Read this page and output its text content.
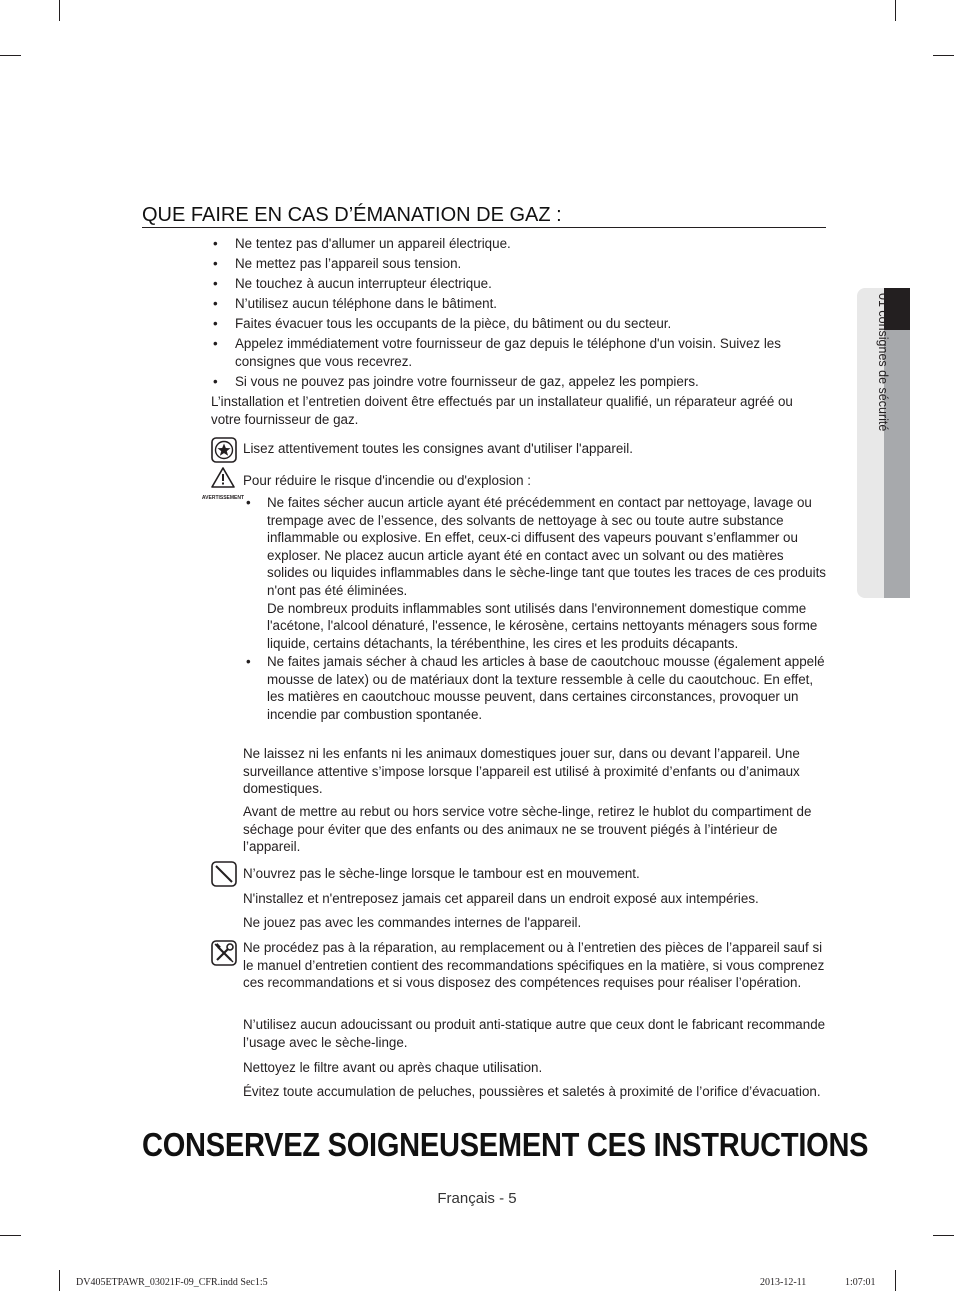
01 consignes de sécurité
QUE FAIRE EN CAS D’ÉMANATION DE GAZ :
• Ne tentez pas d'allumer un appareil électrique.
• Ne mettez pas l’appareil sous tension.
• Ne touchez à aucun interrupteur électrique.
• N’utilisez aucun téléphone dans le bâtiment.
• Faites évacuer tous les occupants de la pièce, du bâtiment ou du secteur.
• Appelez immédiatement votre fournisseur de gaz depuis le téléphone d'un voisin. Suivez les consignes que vous recevrez.
• Si vous ne pouvez pas joindre votre fournisseur de gaz, appelez les pompiers.
L’installation et l’entretien doivent être effectués par un installateur qualifié, un réparateur agréé ou votre fournisseur de gaz.
Lisez attentivement toutes les consignes avant d'utiliser l'appareil.
AVERTISSEMENT
Pour réduire le risque d'incendie ou d'explosion :
• Ne faites sécher aucun article ayant été précédemment en contact par nettoyage, lavage ou trempage avec de l’essence, des solvants de nettoyage à sec ou toute autre substance inflammable ou explosive. En effet, ceux-ci diffusent des vapeurs pouvant s’enflammer ou exploser. Ne placez aucun article ayant été en contact avec un solvant ou des matières solides ou liquides inflammables dans le sèche-linge tant que toutes les traces de ces produits n'ont pas été éliminées.
De nombreux produits inflammables sont utilisés dans l'environnement domestique comme l'acétone, l'alcool dénaturé, l'essence, le kérosène, certains nettoyants ménagers sous forme liquide, certains détachants, la térébenthine, les cires et les produits décapants.
• Ne faites jamais sécher à chaud les articles à base de caoutchouc mousse (également appelé mousse de latex) ou de matériaux dont la texture ressemble à celle du caoutchouc. En effet, les matières en caoutchouc mousse peuvent, dans certaines circonstances, provoquer un incendie par combustion spontanée.
Ne laissez ni les enfants ni les animaux domestiques jouer sur, dans ou devant l’appareil. Une surveillance attentive s’impose lorsque l’appareil est utilisé à proximité d’enfants ou d’animaux domestiques.
Avant de mettre au rebut ou hors service votre sèche-linge, retirez le hublot du compartiment de séchage pour éviter que des enfants ou des animaux ne se trouvent piégés à l’intérieur de l’appareil.
N’ouvrez pas le sèche-linge lorsque le tambour est en mouvement.
N'installez et n'entreposez jamais cet appareil dans un endroit exposé aux intempéries.
Ne jouez pas avec les commandes internes de l'appareil.
Ne procédez pas à la réparation, au remplacement ou à l’entretien des pièces de l’appareil sauf si le manuel d’entretien contient des recommandations spécifiques en la matière, si vous comprenez ces recommandations et si vous disposez des compétences requises pour réaliser l’opération.
N’utilisez aucun adoucissant ou produit anti-statique autre que ceux dont le fabricant recommande l’usage avec le sèche-linge.
Nettoyez le filtre avant ou après chaque utilisation.
Évitez toute accumulation de peluches, poussières et saletés à proximité de l’orifice d’évacuation.
CONSERVEZ SOIGNEUSEMENT CES INSTRUCTIONS
Français - 5
DV405ETPAWR_03021F-09_CFR.indd Sec1:5	2013-12-11	1:07:01
